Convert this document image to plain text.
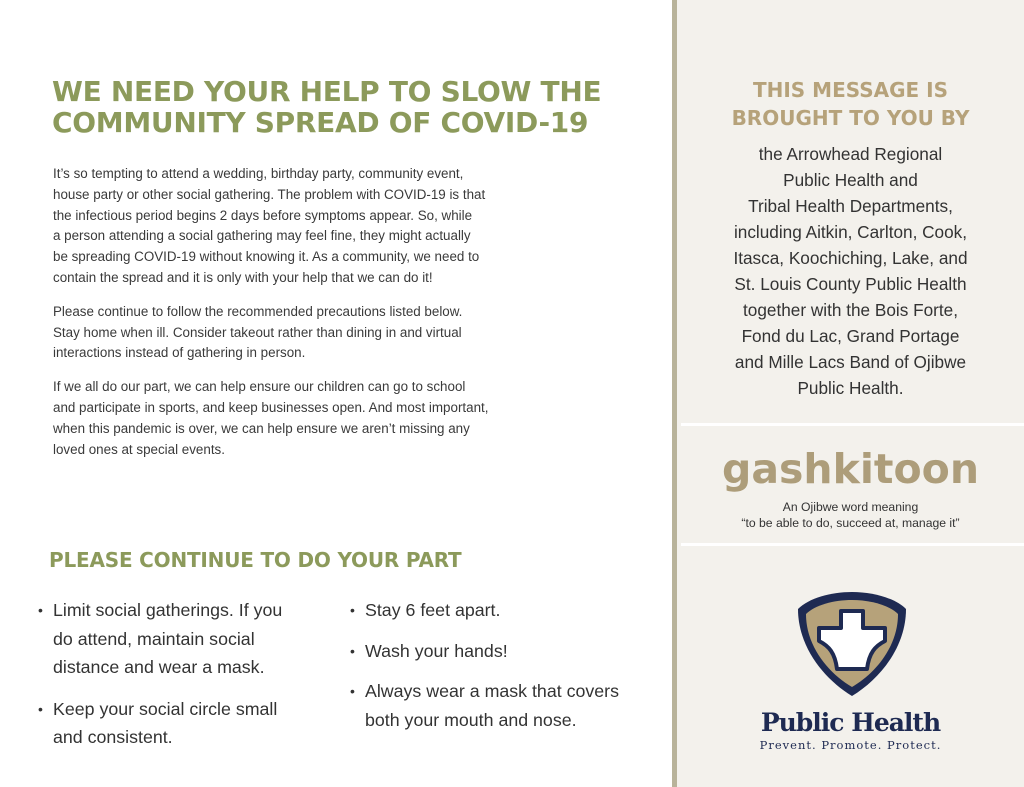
WE NEED YOUR HELP TO SLOW THE
COMMUNITY SPREAD OF COVID-19

It’s so tempting to attend a wedding, birthday party, community event,
house party or other social gathering. The problem with COVID-19 is that
the infectious period begins 2 days before symptoms appear. So, while
a person attending a social gathering may feel fine, they might actually
be spreading COVID-19 without knowing it. As a community, we need to
contain the spread and it is only with your help that we can do it!

Please continue to follow the recommended precautions listed below.
Stay home when ill. Consider takeout rather than dining in and virtual
interactions instead of gathering in person.

If we all do our part, we can help ensure our children can go to school
and participate in sports, and keep businesses open. And most important,
when this pandemic is over, we can help ensure we aren’t missing any
loved ones at special events.

PLEASE CONTINUE TO DO YOUR PART
• Limit social gatherings. If you
do attend, maintain social
distance and wear a mask.
• Keep your social circle small
and consistent.
• Stay 6 feet apart.
• Wash your hands!
• Always wear a mask that covers
both your mouth and nose.
THIS MESSAGE IS
BROUGHT TO YOU BY
the Arrowhead Regional
Public Health and
Tribal Health Departments,
including Aitkin, Carlton, Cook,
Itasca, Koochiching, Lake, and
St. Louis County Public Health
together with the Bois Forte,
Fond du Lac, Grand Portage
and Mille Lacs Band of Ojibwe
Public Health.
gashkitoon
An Ojibwe word meaning
“to be able to do, succeed at, manage it”
Public Health
Prevent. Promote. Protect.
